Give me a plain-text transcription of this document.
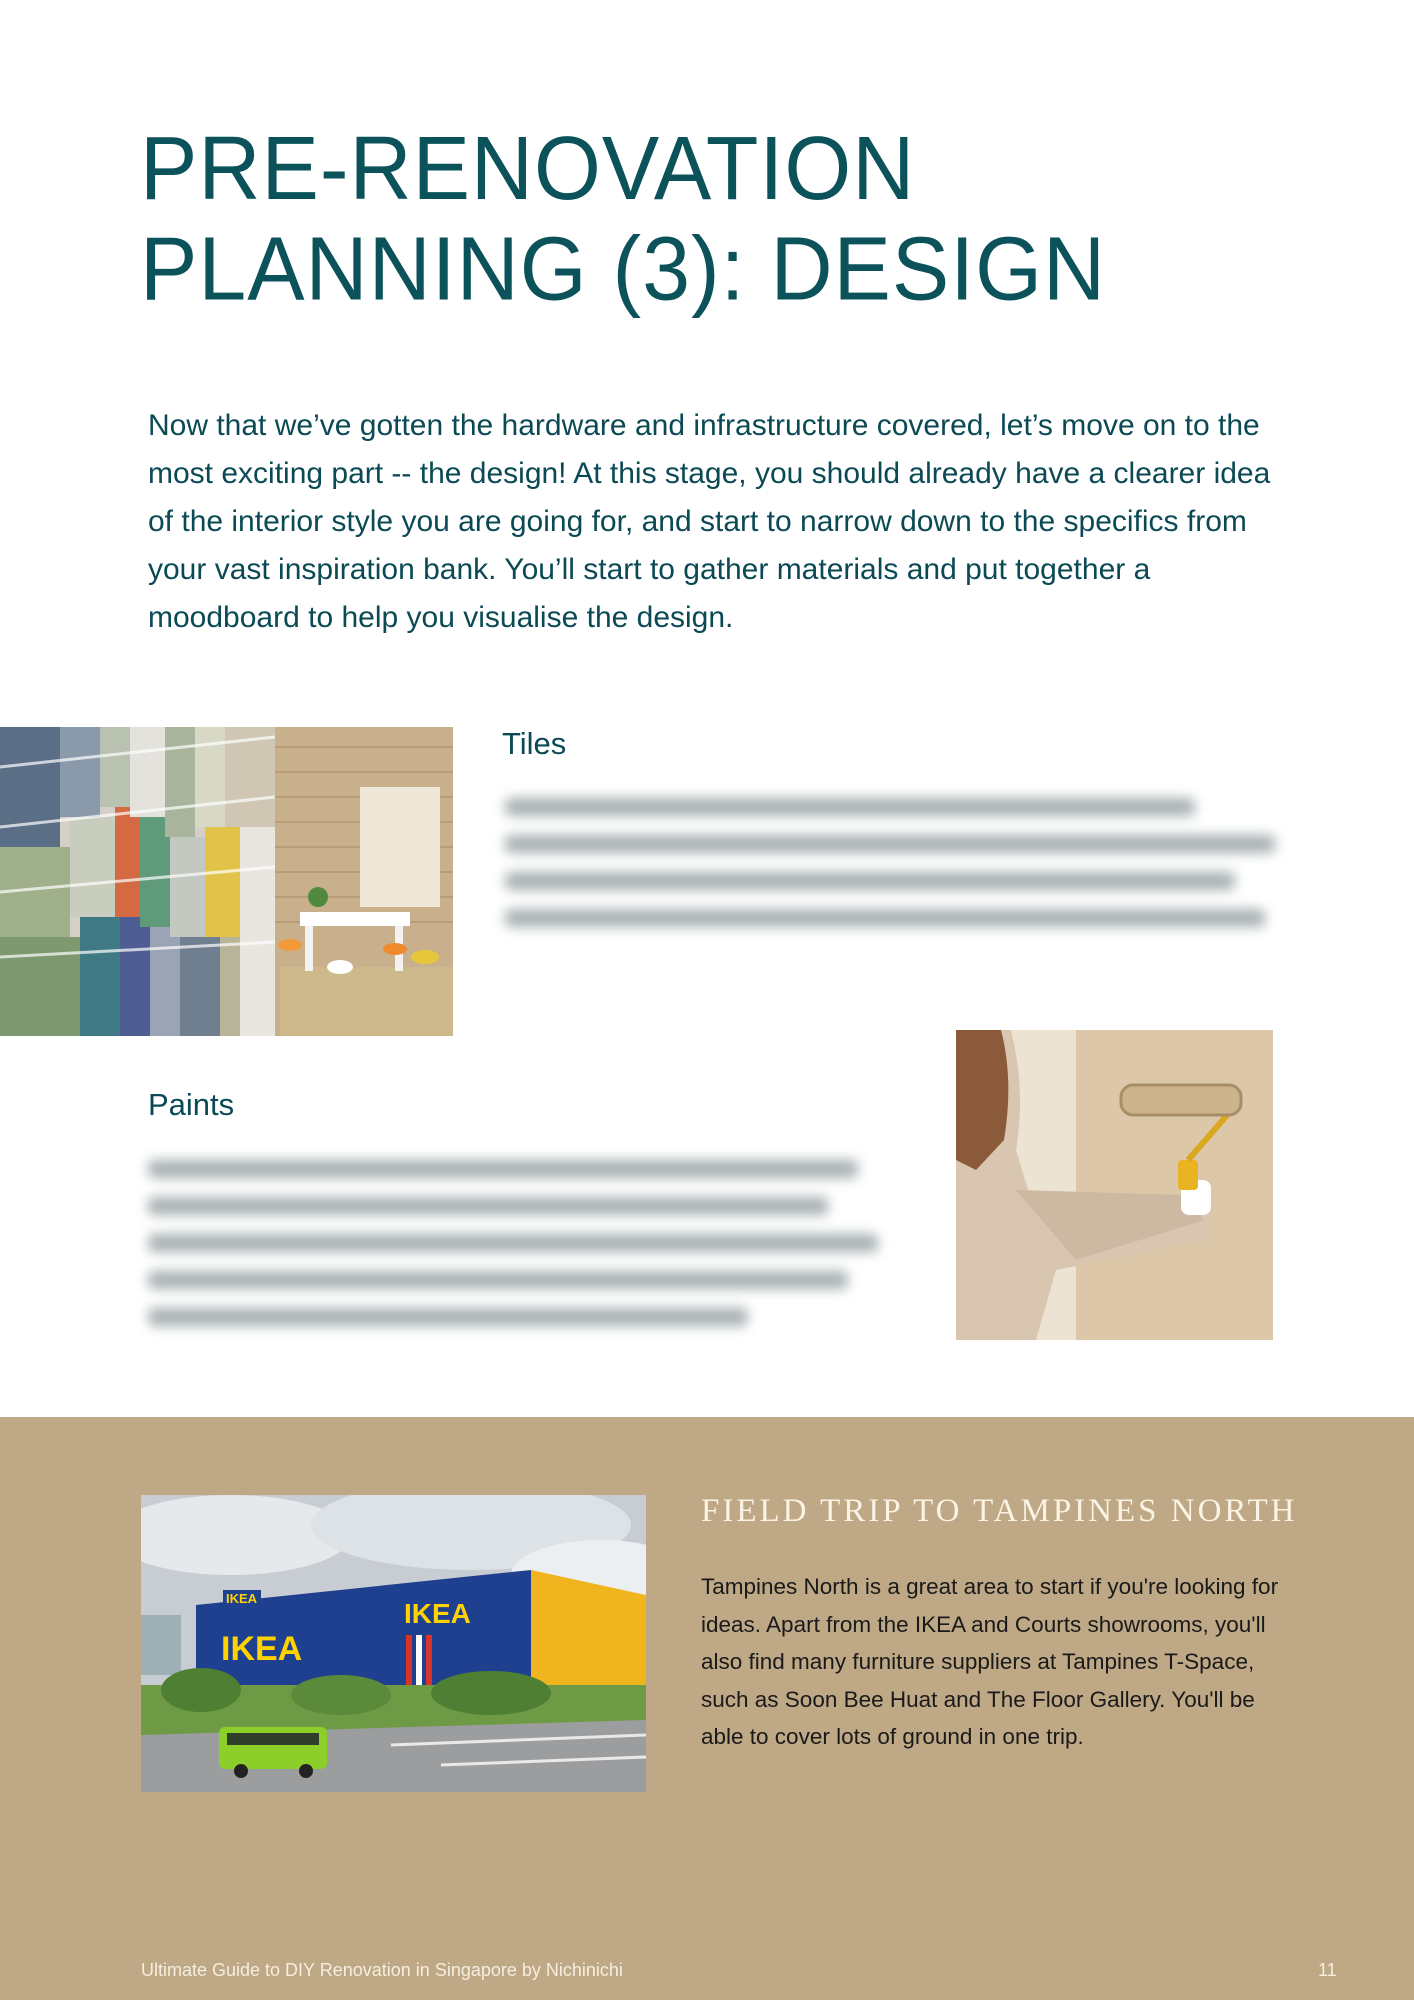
PRE-RENOVATION
PLANNING (3): DESIGN

Now that we’ve gotten the hardware and infrastructure covered, let’s move on to the most exciting part -- the design! At this stage, you should already have a clearer idea of the interior style you are going for, and start to narrow down to the specifics from your vast inspiration bank. You’ll start to gather materials and put together a moodboard to help you visualise the design.

Tiles
Paints
IKEA
IKEA
IKEA
FIELD TRIP TO TAMPINES NORTH

Tampines North is a great area to start if you're looking for ideas. Apart from the IKEA and Courts showrooms, you'll also find many furniture suppliers at Tampines T-Space, such as Soon Bee Huat and The Floor Gallery. You'll be able to cover lots of ground in one trip.

Ultimate Guide to DIY Renovation in Singapore by Nichinichi	11
